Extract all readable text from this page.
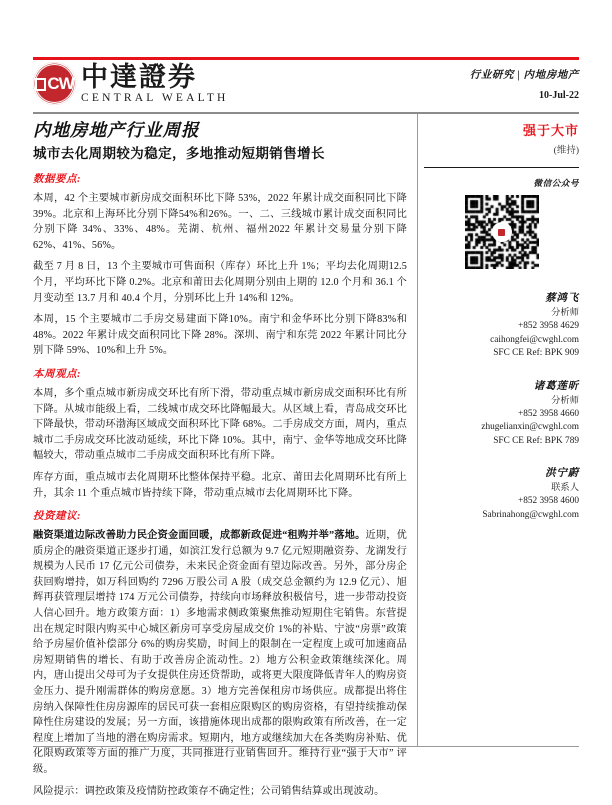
CW 中達證券
CENTRAL WEALTH
行业研究 | 内地房地产
10-Jul-22
内地房地产行业周报
城市去化周期较为稳定，多地推动短期销售增长
数据要点:

本周，42 个主要城市新房成交面积环比下降 53%，2022 年累计成交面积同比下降39%。北京和上海环比分别下降54%和26%。一、二、三线城市累计成交面积同比分别下降 34%、33%、48%。芜湖、杭州、福州2022 年累计交易量分别下降 62%、41%、56%。

截至 7 月 8 日，13 个主要城市可售面积（库存）环比上升 1%；平均去化周期12.5 个月，平均环比下降 0.2%。北京和莆田去化周期分别由上期的 12.0 个月和 36.1 个月变动至 13.7 月和 40.4 个月，分别环比上升 14%和 12%。

本周，15 个主要城市二手房交易建面下降10%。南宁和金华环比分别下降83%和 48%。2022 年累计成交面积同比下降 28%。深圳、南宁和东莞 2022 年累计同比分别下降 59%、10%和上升 5%。

本周观点:

本周，多个重点城市新房成交环比有所下滑，带动重点城市新房成交面积环比有所下降。从城市能级上看，二线城市成交环比降幅最大。从区域上看，青岛成交环比下降最快，带动环渤海区域成交面积环比下降 68%。二手房成交方面，周内，重点城市二手房成交环比波动延续，环比下降 10%。其中，南宁、金华等地成交环比降幅较大，带动重点城市二手房成交面积环比有所下降。

库存方面，重点城市去化周期环比整体保持平稳。北京、莆田去化周期环比有所上升，其余 11 个重点城市皆持续下降，带动重点城市去化周期环比下降。

投资建议:

融资渠道边际改善助力民企资金面回暖，成都新政促进“租购并举”落地。近期，优质房企的融资渠道正逐步打通，如滨江发行总额为 9.7 亿元短期融资券、龙湖发行规模为人民币 17 亿元公司债券，未来民企资金面有望边际改善。另外，部分房企获回购增持，如万科回购约 7296 万股公司 A 股（成交总金额约为 12.9 亿元）、旭辉再获管理层增持 174 万元公司债券，持续向市场释放积极信号，进一步带动投资人信心回升。地方政策方面：1）多地需求侧政策聚焦推动短期住宅销售。东营提出在规定时限内购买中心城区新房可享受房屋成交价 1%的补贴、宁波“房票”政策给予房屋价值补偿部分 6%的购房奖励，时间上的限制在一定程度上或可加速商品房短期销售的增长、有助于改善房企流动性。2）地方公积金政策继续深化。周内，唐山提出父母可为子女提供住房还贷帮助，或将更大限度降低青年人的购房资金压力、提升刚需群体的购房意愿。3）地方完善保租房市场供应。成都提出将住房纳入保障性住房房源库的居民可获一套相应限购区的购房资格，有望持续推动保障性住房建设的发展；另一方面，该措施体现出成都的限购政策有所改善，在一定程度上增加了当地的潜在购房需求。短期内，地方或继续加大在各类购房补贴、优化限购政策等方面的推广力度，共同推进行业销售回升。维持行业“强于大市” 评级。

风险提示：调控政策及疫情防控政策存不确定性；公司销售结算或出现波动。

强于大市
(维持)
微信公众号
蔡鸿飞
分析师
+852 3958 4629
caihongfei@cwghl.com
SFC CE Ref: BPK 909
诸葛莲昕
分析师
+852 3958 4660
zhugelianxin@cwghl.com
SFC CE Ref: BPK 789
洪宁蔚
联系人
+852 3958 4600
Sabrinahong@cwghl.com
